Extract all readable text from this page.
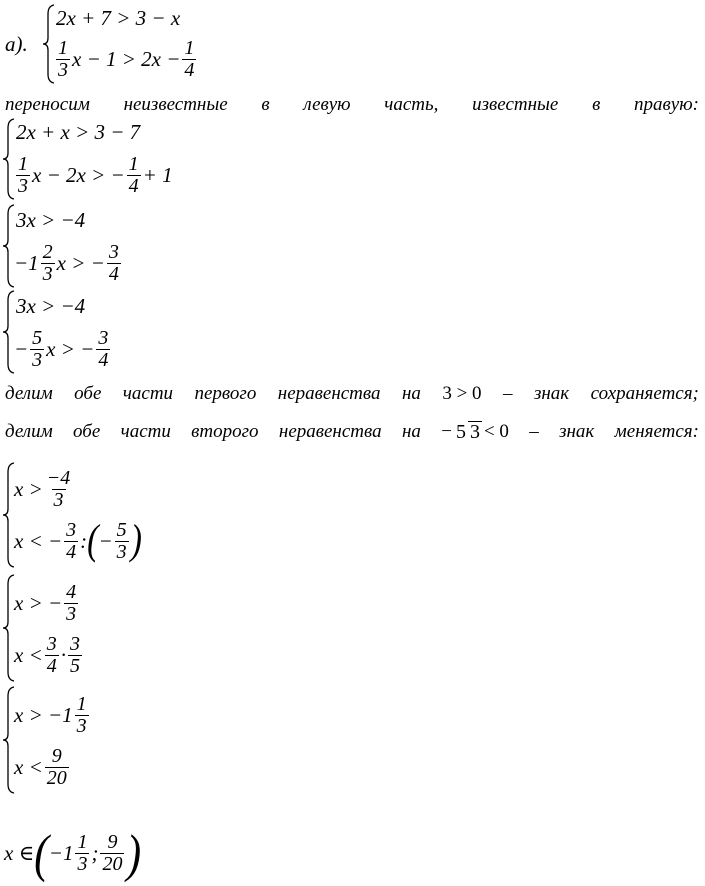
а).
2x + 7 > 3 − x
$\frac{1}{3}$ $x - 1 > 2x - \frac{1}{4}$
переносим неизвестные в левую часть, известные в правую:
2x + x > 3 − 7
$\frac{1}{3}$ x − 2x > − $\frac{1}{4} + 1$
3x > −4
$-1 \frac{2}{3}$ x > − $\frac{3}{4}$
3x > −4
− $\frac{5}{3}$ x > − $\frac{3}{4}$
делим обе части первого неравенства на 3 > 0 – знак сохраняется;
делим обе части второго неравенства на − 5 3 < 0 – знак меняется:
$x > \frac{-4}{3}$
x < − $\frac{3}{4}$ : ( − $\frac{5}{3}$ )
x > − $\frac{4}{3}$
$x < \frac{3}{4} \cdot \frac{3}{5}$
$x > -1 \frac{1}{3}$
$x < \frac{9}{20}$
x ∈ ( $-1 \frac{1}{3}$ ; $\frac{9}{20}$ )
